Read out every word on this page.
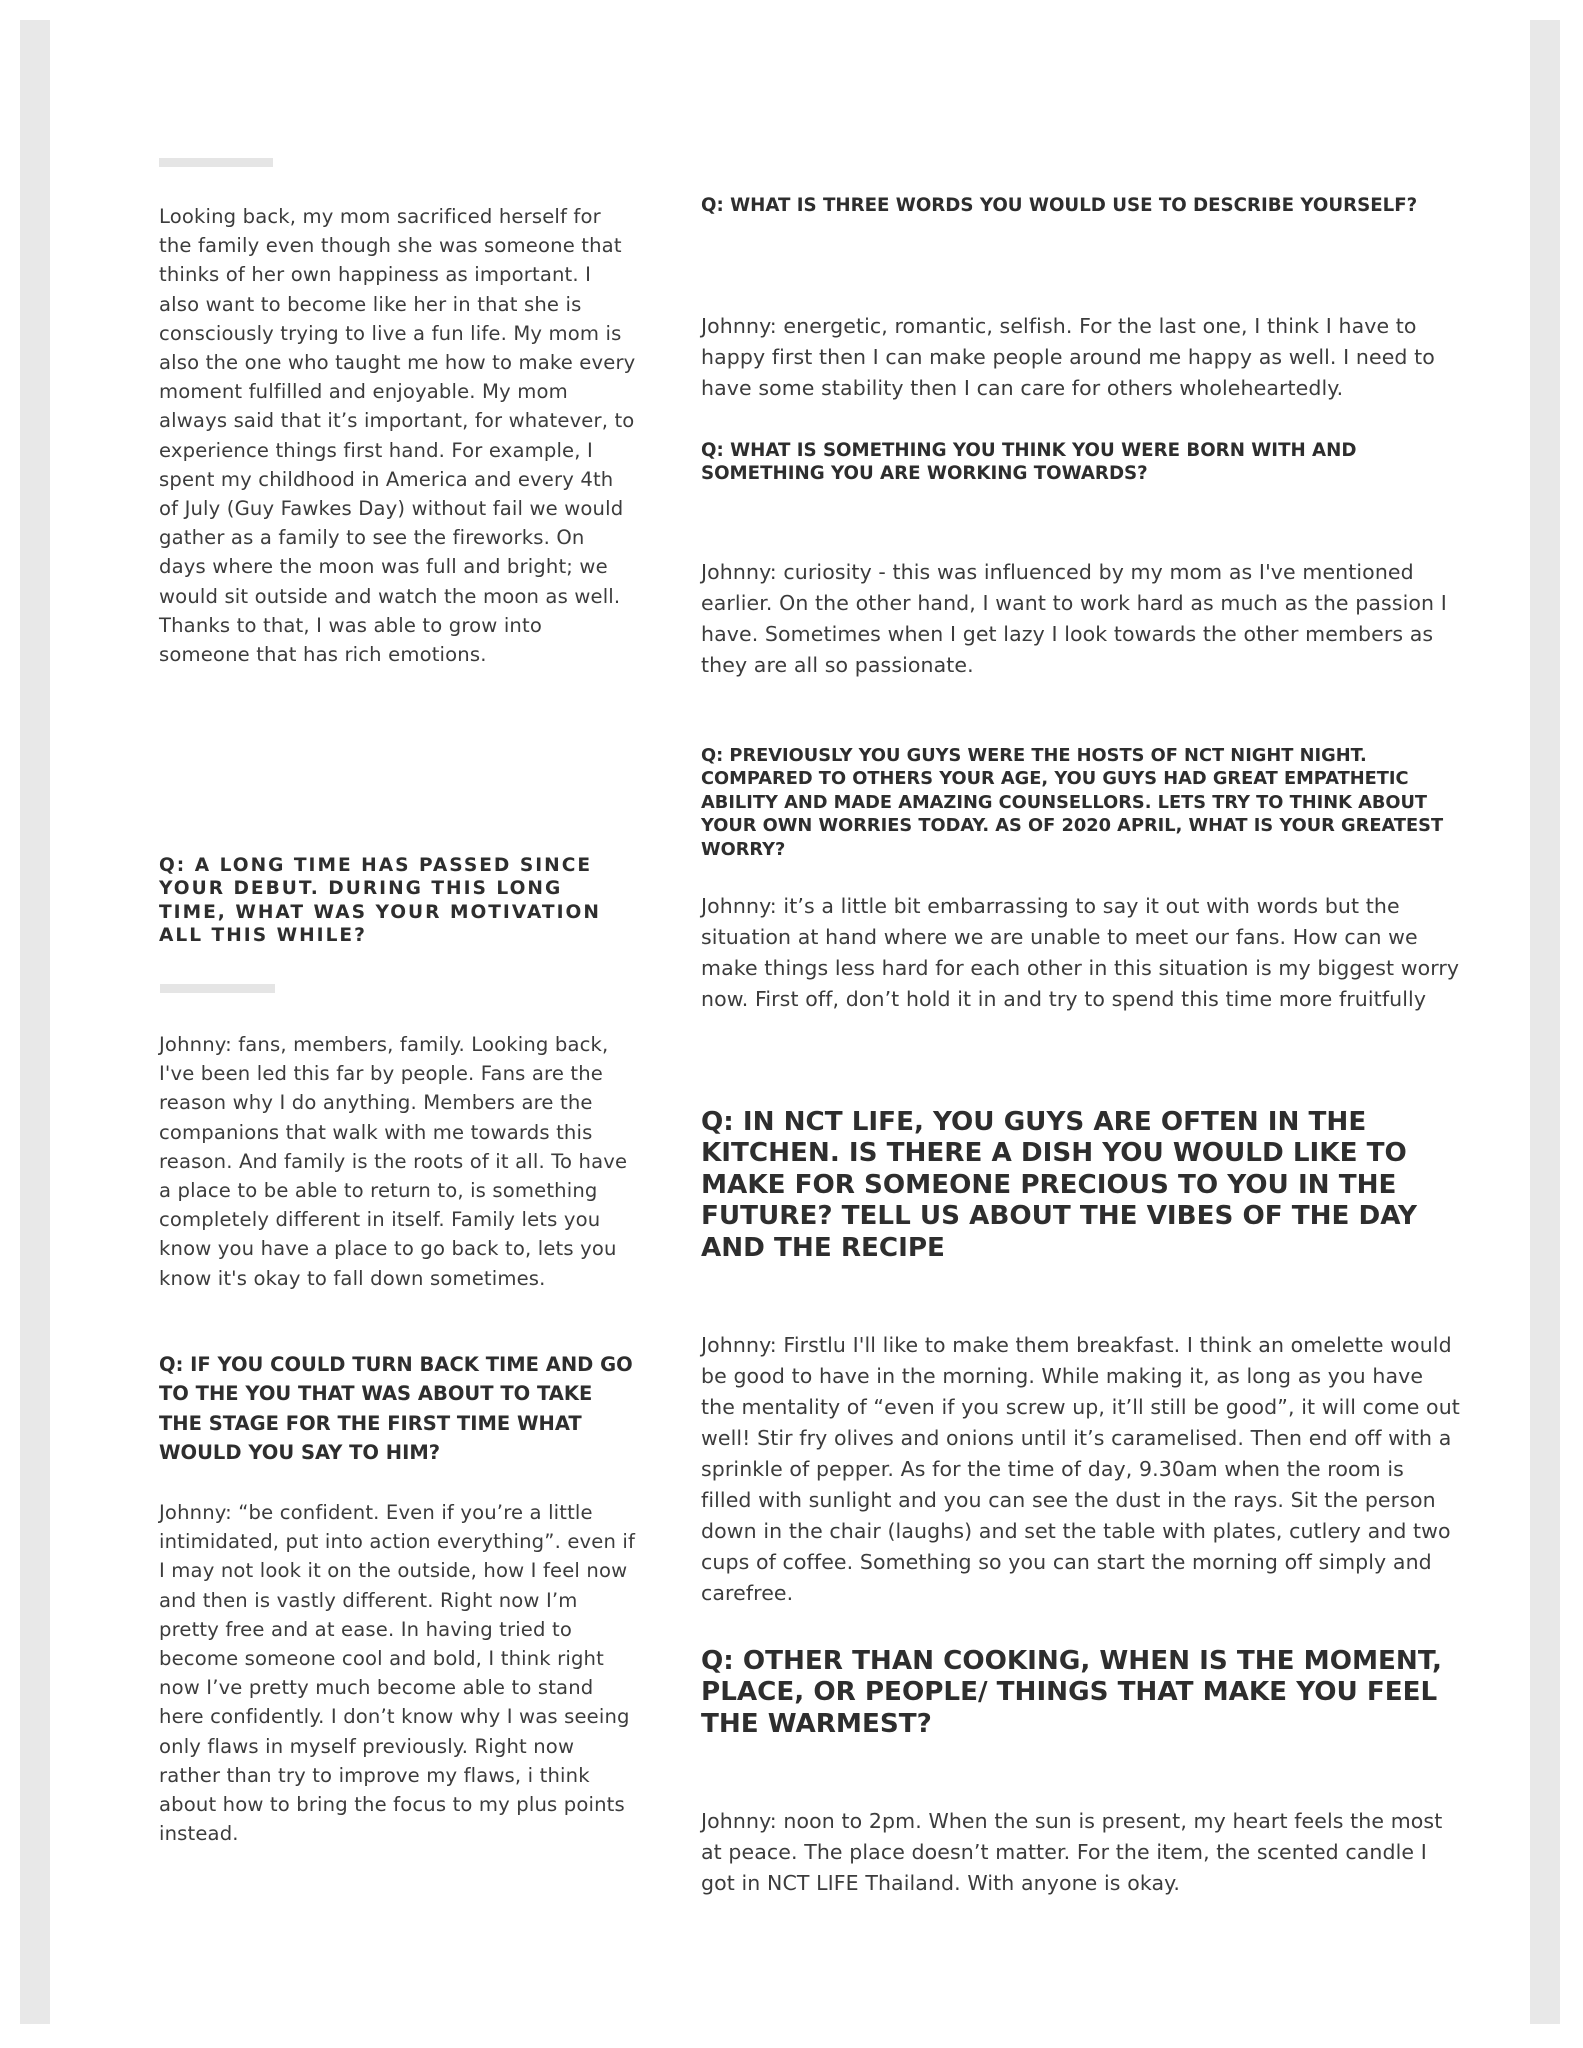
Looking back, my mom sacrificed herself for the family even though she was someone that thinks of her own happiness as important. I also want to become like her in that she is consciously trying to live a fun life. My mom is also the one who taught me how to make every moment fulfilled and enjoyable. My mom always said that it’s important, for whatever, to experience things first hand. For example, I spent my childhood in America and every 4th of July (Guy Fawkes Day) without fail we would gather as a family to see the fireworks. On days where the moon was full and bright; we would sit outside and watch the moon as well. Thanks to that, I was able to grow into someone that has rich emotions.

Q: A LONG TIME HAS PASSED SINCE YOUR DEBUT. DURING THIS LONG TIME, WHAT WAS YOUR MOTIVATION ALL THIS WHILE?

Johnny: fans, members, family. Looking back, I've been led this far by people. Fans are the reason why I do anything. Members are the companions that walk with me towards this reason. And family is the roots of it all. To have a place to be able to return to, is something completely different in itself. Family lets you know you have a place to go back to, lets you know it's okay to fall down sometimes.

Q: IF YOU COULD TURN BACK TIME AND GO TO THE YOU THAT WAS ABOUT TO TAKE THE STAGE FOR THE FIRST TIME WHAT WOULD YOU SAY TO HIM?

Johnny: “be confident. Even if you’re a little intimidated, put into action everything”. even if I may not look it on the outside, how I feel now and then is vastly different. Right now I’m pretty free and at ease. In having tried to become someone cool and bold, I think right now I’ve pretty much become able to stand here confidently. I don’t know why I was seeing only flaws in myself previously. Right now rather than try to improve my flaws, i think about how to bring the focus to my plus points instead.

Q: WHAT IS THREE WORDS YOU WOULD USE TO DESCRIBE YOURSELF?

Johnny: energetic, romantic, selfish. For the last one, I think I have to happy first then I can make people around me happy as well. I need to have some stability then I can care for others wholeheartedly.

Q: WHAT IS SOMETHING YOU THINK YOU WERE BORN WITH AND SOMETHING YOU ARE WORKING TOWARDS?

Johnny: curiosity - this was influenced by my mom as I've mentioned earlier. On the other hand, I want to work hard as much as the passion I have. Sometimes when I get lazy I look towards the other members as they are all so passionate.

Q: PREVIOUSLY YOU GUYS WERE THE HOSTS OF NCT NIGHT NIGHT. COMPARED TO OTHERS YOUR AGE, YOU GUYS HAD GREAT EMPATHETIC ABILITY AND MADE AMAZING COUNSELLORS. LETS TRY TO THINK ABOUT YOUR OWN WORRIES TODAY. AS OF 2020 APRIL, WHAT IS YOUR GREATEST WORRY?

Johnny: it’s a little bit embarrassing to say it out with words but the situation at hand where we are unable to meet our fans. How can we make things less hard for each other in this situation is my biggest worry now. First off, don’t hold it in and try to spend this time more fruitfully

Q: IN NCT LIFE, YOU GUYS ARE OFTEN IN THE KITCHEN. IS THERE A DISH YOU WOULD LIKE TO MAKE FOR SOMEONE PRECIOUS TO YOU IN THE FUTURE? TELL US ABOUT THE VIBES OF THE DAY AND THE RECIPE

Johnny: Firstlu I'll like to make them breakfast. I think an omelette would be good to have in the morning. While making it, as long as you have the mentality of “even if you screw up, it’ll still be good”, it will come out well! Stir fry olives and onions until it’s caramelised. Then end off with a sprinkle of pepper. As for the time of day, 9.30am when the room is filled with sunlight and you can see the dust in the rays. Sit the person down in the chair (laughs) and set the table with plates, cutlery and two cups of coffee. Something so you can start the morning off simply and carefree.

Q: OTHER THAN COOKING, WHEN IS THE MOMENT, PLACE, OR PEOPLE/ THINGS THAT MAKE YOU FEEL THE WARMEST?

Johnny: noon to 2pm. When the sun is present, my heart feels the most at peace. The place doesn’t matter. For the item, the scented candle I got in NCT LIFE Thailand. With anyone is okay.
